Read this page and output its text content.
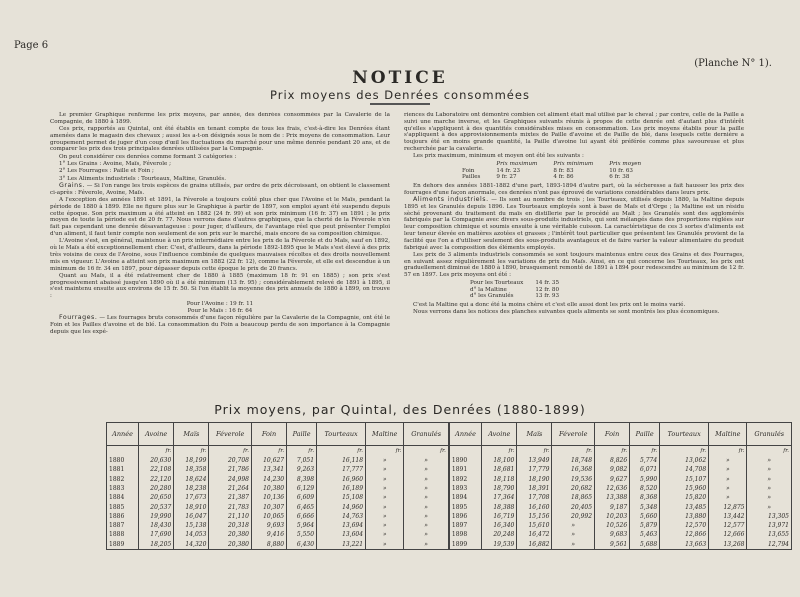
Page 6
(Planche N° 1).
NOTICE
Prix moyens des Denrées consommées

Le premier Graphique renferme les prix moyens, par année, des denrées consommées par la Cavalerie de la Compagnie, de 1880 à 1899.

Ces prix, rapportés au Quintal, ont été établis en tenant compte de tous les frais, c'est-à-dire les Denrées étant amenées dans le magasin des chevaux ; aussi les a-t-on désignés sous le nom de : Prix moyens de consommation. Leur groupement permet de juger d'un coup d'œil les fluctuations du marché pour une même denrée pendant 20 ans, et de comparer les prix des trois principales denrées utilisées par la Compagnie.

On peut considérer ces denrées comme formant 3 catégories :

1° Les Grains : Avoine, Maïs, Féverole ;

2° Les Fourrages : Paille et Foin ;

3° Les Aliments industriels : Tourteaux, Maltine, Granulés.

Grains. — Si l'on range les trois espèces de grains utilisés, par ordre de prix décroissant, on obtient le classement ci-après : Féverole, Avoine, Maïs.

A l'exception des années 1891 et 1891, la Féverole a toujours coûté plus cher que l'Avoine et le Maïs, pendant la période de 1880 à 1899. Elle ne figure plus sur le Graphique à partir de 1897, son emploi ayant été suspendu depuis cette époque. Son prix maximum a été atteint en 1882 (24 fr. 99) et son prix minimum (16 fr. 37) en 1891 ; le prix moyen de toute la période est de 20 fr. 77. Nous verrons dans d'autres graphiques, que la cherté de la Féverole n'en fait pas cependant une denrée désavantageuse : pour juger, d'ailleurs, de l'avantage réel que peut présenter l'emploi d'un aliment, il faut tenir compte non seulement de son prix sur le marché, mais encore de sa composition chimique.

L'Avoine s'est, en général, maintenue à un prix intermédiaire entre les prix de la Féverole et du Maïs, sauf en 1892, où le Maïs a été exceptionnellement cher. C'est, d'ailleurs, dans la période 1892-1895 que le Maïs s'est élevé à des prix très voisins de ceux de l'Avoine, sous l'influence combinée de quelques mauvaises récoltes et des droits nouvellement mis en vigueur. L'Avoine a atteint son prix maximum en 1882 (22 fr. 12), comme la Féverole, et elle est descendue à un minimum de 16 fr. 34 en 1897, pour dépasser depuis cette époque le prix de 20 francs.

Quant au Maïs, il a été relativement cher de 1880 à 1885 (maximum 18 fr. 91 en 1885) ; son prix s'est progressivement abaissé jusqu'en 1890 où il a été minimum (13 fr. 95) ; considérablement relevé de 1891 à 1895, il s'est maintenu ensuite aux environs de 15 fr. 50. Si l'on établit la moyenne des prix annuels de 1880 à 1899, on trouve :

Pour l'Avoine : 19 fr. 11

Pour le Maïs : 16 fr. 64

Fourrages. — Les fourrages bruts consommés d'une façon régulière par la Cavalerie de la Compagnie, ont été le Foin et les Pailles d'avoine et de blé. La consommation du Foin a beaucoup perdu de son importance à la Compagnie depuis que les expé-

riences du Laboratoire ont démontré combien cet aliment était mal utilisé par le cheval ; par contre, celle de la Paille a suivi une marche inverse, et les Graphiques suivants réunis à propos de cette denrée ont d'autant plus d'intérêt qu'elles s'appliquent à des quantités considérables mises en consommation. Les prix moyens établis pour la paille s'appliquent à des approvisionnements mixtes de Paille d'avoine et de Paille de blé, dans lesquels cette dernière a toujours été en moins grande quantité, la Paille d'avoine lui ayant été préférée comme plus savoureuse et plus recherchée par la cavalerie.

Les prix maximum, minimum et moyen ont été les suivants :

	Prix maximum	Prix minimum	Prix moyen
Foin	14 fr. 23	8 fr. 83	10 fr. 63
Pailles	9 fr. 27	4 fr. 86	6 fr. 38

En dehors des années 1881-1882 d'une part, 1893-1894 d'autre part, où la sécheresse a fait hausser les prix des fourrages d'une façon anormale, ces denrées n'ont pas éprouvé de variations considérables dans leurs prix.

Aliments industriels. — Ils sont au nombre de trois ; les Tourteaux, utilisés depuis 1880, la Maltine depuis 1895 et les Granulés depuis 1896. Les Tourteaux employés sont à base de Maïs et d'Orge ; la Maltine est un résidu sèché provenant du traitement du maïs en distillerie par le procédé au Malt ; les Granulés sont des agglomérés fabriqués par la Compagnie avec divers sous-produits industriels, qui sont mélangés dans des proportions réglées sur leur composition chimique et soumis ensuite à une véritable cuisson. La caractéristique de ces 3 sortes d'aliments est leur teneur élevée en matières azotées et grasses ; l'intérêt tout particulier que présentent les Granulés provient de la facilité que l'on a d'utiliser seulement des sous-produits avantageux et de faire varier la valeur alimentaire du produit fabriqué avec la composition des éléments employés.

Les prix de 3 aliments industriels consommés se sont toujours maintenus entre ceux des Grains et des Fourrages, en suivant assez régulièrement les variations de prix du Maïs. Ainsi, en ce qui concerne les Tourteaux, les prix ont graduellement diminué de 1880 à 1890, brusquement remonté de 1891 à 1894 pour redescendre au minimum de 12 fr. 57 en 1897. Les prix moyens ont été :

Pour les Tourteaux	14 fr. 35
d° la Maltine	12 fr. 80
d° les Granulés	13 fr. 93

C'est la Maltine qui a donc été la moins chère et c'est elle aussi dont les prix ont le moins varié.

Nous verrons dans les notices des planches suivantes quels aliments se sont montrés les plus économiques.

Prix moyens, par Quintal, des Denrées (1880-1899)
Année	Avoine	Maïs	Féverole	Foin	Paille	Tourteaux	Maltine	Granulés	Année	Avoine	Maïs	Féverole	Foin	Paille	Tourteaux	Maltine	Granulés
	fr.	fr.	fr.	fr.	fr.	fr.	fr.	fr.		fr.	fr.	fr.	fr.	fr.	fr.	fr.	fr.
1880	20,630	18,199	20,708	10,627	7,051	16,118	»	»	1890	18,100	13,949	18,748	8,826	5,774	13,062	»	»
1881	22,108	18,358	21,786	13,341	9,263	17,777	»	»	1891	18,681	17,779	16,368	9,082	6,071	14,708	»	»
1882	22,120	18,624	24,998	14,230	8,398	16,960	»	»	1892	18,118	18,190	19,536	9,627	5,990	15,107	»	»
1883	20,280	18,238	21,264	10,380	6,129	16,189	»	»	1893	18,790	18,391	20,682	12,636	8,520	15,960	»	»
1884	20,650	17,673	21,387	10,136	6,609	15,108	»	»	1894	17,364	17,708	18,865	13,388	8,368	15,820	»	»
1885	20,537	18,910	21,783	10,307	6,465	14,960	»	»	1895	18,388	16,160	20,405	9,187	5,348	13,485	12,875	»
1886	19,990	16,047	21,110	10,065	6,666	14,763	»	»	1896	16,719	15,156	20,992	10,203	5,660	13,880	13,442	13,305
1887	18,430	15,138	20,318	9,693	5,964	13,694	»	»	1897	16,340	15,610	»	10,526	5,879	12,570	12,577	13,971
1888	17,690	14,053	20,380	9,416	5,550	13,604	»	»	1898	20,248	16,472	»	9,683	5,463	12,866	12,666	13,655
1889	18,205	14,320	20,380	8,880	6,430	13,221	»	»	1899	19,539	16,882	»	9,561	5,688	13,663	13,268	12,794
